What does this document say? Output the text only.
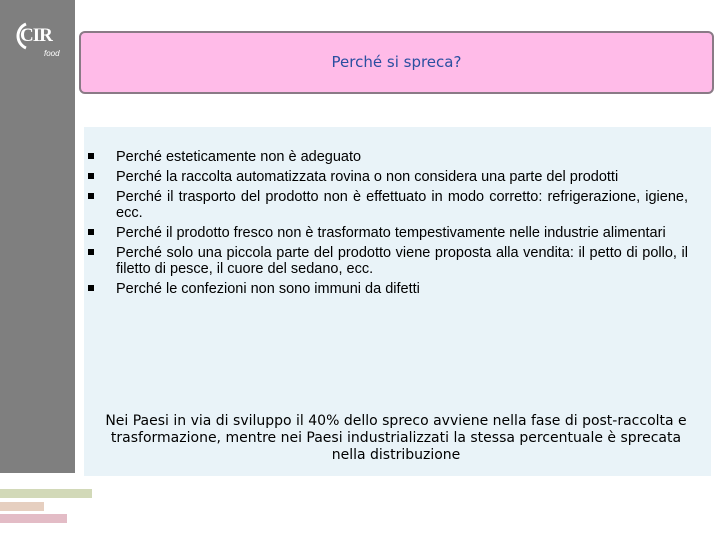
CIR
food	Perché si spreca?
Perché esteticamente non è adeguato
Perché la raccolta automatizzata rovina o non considera una parte del prodotti
Perché il trasporto del prodotto non è effettuato in modo corretto: refrigerazione, igiene, ecc.
Perché il prodotto fresco non è trasformato tempestivamente nelle industrie alimentari
Perché solo una piccola parte del prodotto viene proposta alla vendita: il petto di pollo, il filetto di pesce, il cuore del sedano, ecc.
Perché le confezioni non sono immuni da difetti
Nei Paesi in via di sviluppo il 40% dello spreco avviene nella fase di post-raccolta e trasformazione, mentre nei Paesi industrializzati la stessa percentuale è sprecata nella distribuzione
